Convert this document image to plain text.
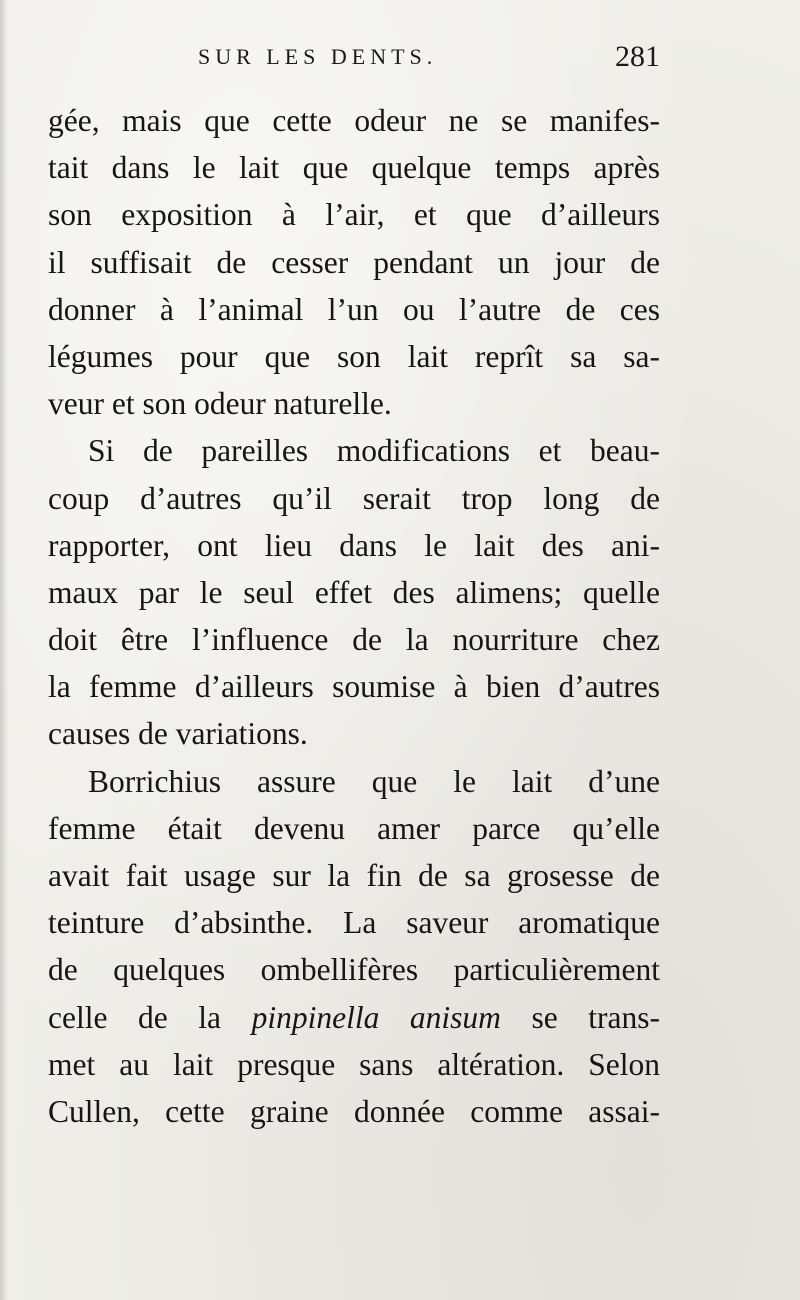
SUR LES DENTS.	281
gée, mais que cette odeur ne se manifes-
tait dans le lait que quelque temps après
son exposition à l’air, et que d’ailleurs
il suffisait de cesser pendant un jour de
donner à l’animal l’un ou l’autre de ces
légumes pour que son lait reprît sa sa-
veur et son odeur naturelle.
Si de pareilles modifications et beau-
coup d’autres qu’il serait trop long de
rapporter, ont lieu dans le lait des ani-
maux par le seul effet des alimens; quelle
doit être l’influence de la nourriture chez
la femme d’ailleurs soumise à bien d’autres
causes de variations.
Borrichius assure que le lait d’une
femme était devenu amer parce qu’elle
avait fait usage sur la fin de sa grosesse de
teinture d’absinthe. La saveur aromatique
de quelques ombellifères particulièrement
celle de la pinpinella anisum se trans-
met au lait presque sans altération. Selon
Cullen, cette graine donnée comme assai-
